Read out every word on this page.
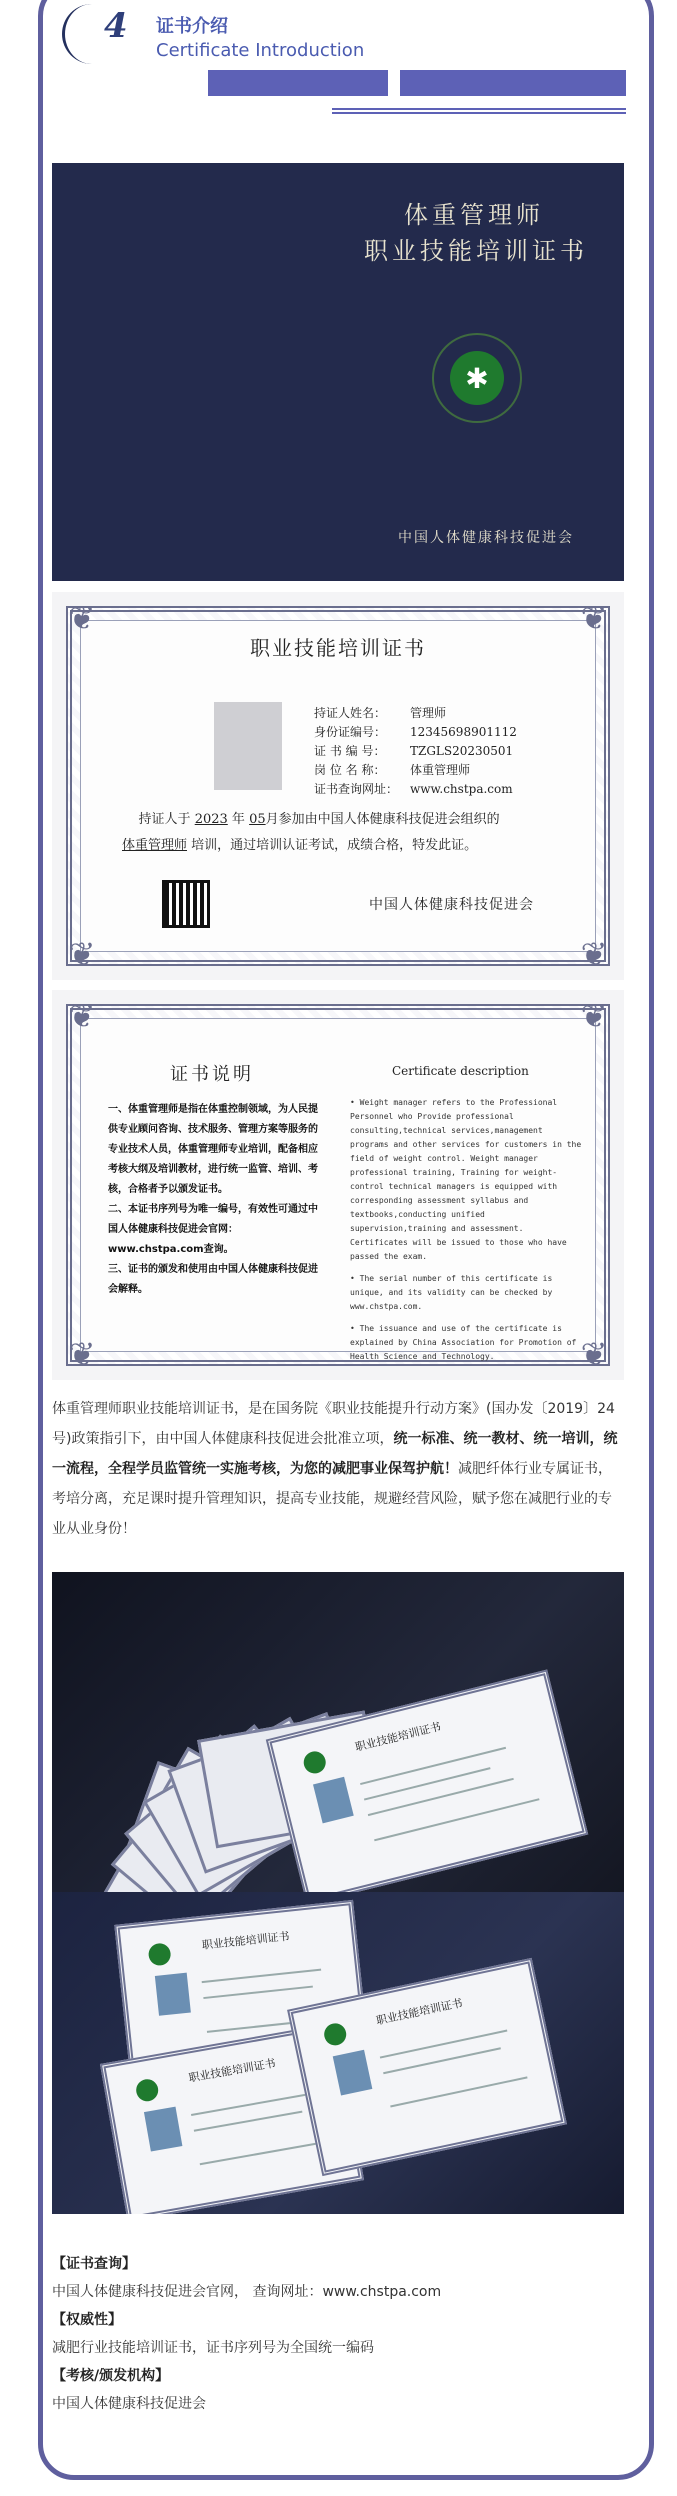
4 证书介绍
Certificate Introduction
体重管理师
职业技能培训证书
✱
中国人体健康科技促进会
❦	❦
❦	❦
职业技能培训证书
持证人姓名： 管理师
身份证编号： 12345698901112
证 书 编 号： TZGLS20230501
岗 位 名 称： 体重管理师
证书查询网址： www.chstpa.com
持证人于 2023 年 05月参加由中国人体健康科技促进会组织的
体重管理师 培训，通过培训认证考试，成绩合格，特发此证。
中国人体健康科技促进会
❦	❦
❦	❦
证书说明	Certificate description

一、体重管理师是指在体重控制领域，为人民提供专业顾问咨询、技术服务、管理方案等服务的专业技术人员，体重管理师专业培训，配备相应考核大纲及培训教材，进行统一监管、培训、考核，合格者予以颁发证书。

二、本证书序列号为唯一编号，有效性可通过中国人体健康科技促进会官网：www.chstpa.com查询。

三、证书的颁发和使用由中国人体健康科技促进会解释。

• Weight manager refers to the Professional Personnel who Provide professional consulting,technical services,management programs and other services for customers in the field of weight control. Weight manager professional training, Training for weight-control technical managers is equipped with corresponding assessment syllabus and textbooks,conducting unified supervision,training and assessment. Certificates will be issued to those who have passed the exam.

• The serial number of this certificate is unique, and its validity can be checked by www.chstpa.com.

• The issuance and use of the certificate is explained by China Association for Promotion of Health Science and Technology.

体重管理师职业技能培训证书，是在国务院《职业技能提升行动方案》(国办发〔2019〕24号)政策指引下，由中国人体健康科技促进会批准立项，统一标准、统一教材、统一培训，统一流程，全程学员监管统一实施考核，为您的减肥事业保驾护航！减肥纤体行业专属证书，考培分离，充足课时提升管理知识，提高专业技能，规避经营风险，赋予您在减肥行业的专业从业身份！
职业技能培训证书
职业技能培训证书
职业技能培训证书
职业技能培训证书
【证书查询】
中国人体健康科技促进会官网， 查询网址：www.chstpa.com
【权威性】
减肥行业技能培训证书，证书序列号为全国统一编码
【考核/颁发机构】
中国人体健康科技促进会
